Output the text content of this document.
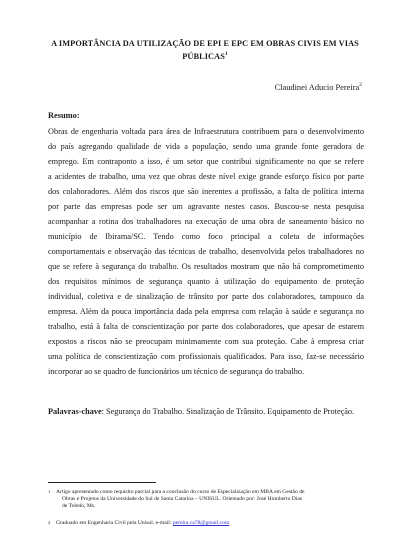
A IMPORTÂNCIA DA UTILIZAÇÃO DE EPI E EPC EM OBRAS CIVIS EM VIAS
PÚBLICAS$^1$
Claudinei Aducio Pereira$^2$
Resumo:
Obras de engenharia voltada para área de Infraestrutura contribuem para o desenvolvimento
do país agregando qualidade de vida a população, sendo uma grande fonte geradora de
emprego. Em contraponto a isso, é um setor que contribui significamente no que se refere
a acidentes de trabalho, uma vez que obras deste nível exige grande esforço físico por parte
dos colaboradores. Além dos riscos que são inerentes a profissão, a falta de política interna
por parte das empresas pode ser um agravante nestes casos. Buscou-se nesta pesquisa
acompanhar a rotina dos trabalhadores na execução de uma obra de saneamento básico no
município de Ibirama/SC. Tendo como foco principal a coleta de informações
comportamentais e observação das técnicas de trabalho, desenvolvida pelos trabalhadores no
que se refere à segurança do trabalho. Os resultados mostram que não há comprometimento
dos requisitos mínimos de segurança quanto à utilização do equipamento de proteção
individual, coletiva e de sinalização de trânsito por parte dos colaboradores, tampouco da
empresa. Além da pouca importância dada pela empresa com relação à saúde e segurança no
trabalho, está à falta de conscientização por parte dos colaboradores, que apesar de estarem
expostos a riscos não se preocupam minimamente com sua proteção. Cabe à empresa criar
uma política de conscientização com profissionais qualificados. Para isso, faz-se necessário
incorporar ao se quadro de funcionários um técnico de segurança do trabalho.
Palavras-chave: Segurança do Trabalho. Sinalização de Trânsito. Equipamento de Proteção.
1	Artigo apresentado como requisito parcial para a conclusão do curso de Especialização em MBA em Gestão de
Obras e Projetos da Universidade do Sul de Santa Catarina – UNISUL. Orientado por: José Humberto Dias
de Toledo, Ms.
2	Graduado em Engenharia Civil pela Unisul. e-mail: pereira.ca78@gmail.com
